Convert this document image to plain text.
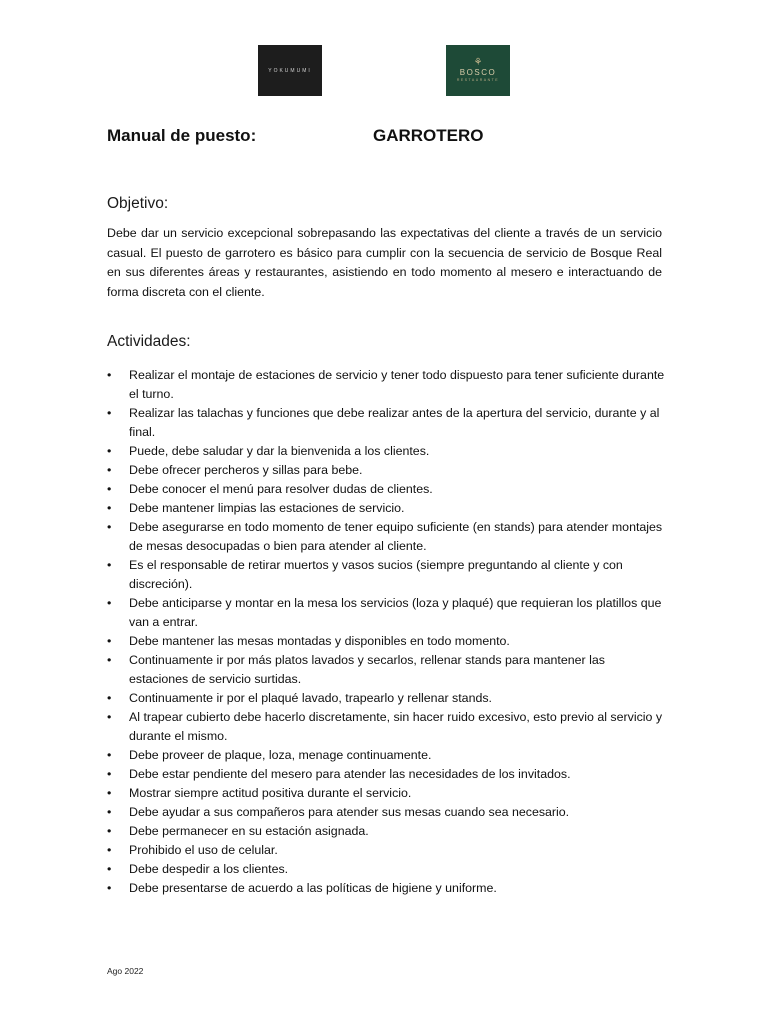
YOKUMUMI
⚘
BOSCO
RESTAURANTE
Manual de puesto:	GARROTERO
Objetivo:

Debe dar un servicio excepcional sobrepasando las expectativas del cliente a través de un servicio casual. El puesto de garrotero es básico para cumplir con la secuencia de servicio de Bosque Real en sus diferentes áreas y restaurantes, asistiendo en todo momento al mesero e interactuando de forma discreta con el cliente.

Actividades:
• Realizar el montaje de estaciones de servicio y tener todo dispuesto para tener suficiente durante el turno.
• Realizar las talachas y funciones que debe realizar antes de la apertura del servicio, durante y al final.
• Puede, debe saludar y dar la bienvenida a los clientes.
• Debe ofrecer percheros y sillas para bebe.
• Debe conocer el menú para resolver dudas de clientes.
• Debe mantener limpias las estaciones de servicio.
• Debe asegurarse en todo momento de tener equipo suficiente (en stands) para atender montajes de mesas desocupadas o bien para atender al cliente.
• Es el responsable de retirar muertos y vasos sucios (siempre preguntando al cliente y con discreción).
• Debe anticiparse y montar en la mesa los servicios (loza y plaqué) que requieran los platillos que van a entrar.
• Debe mantener las mesas montadas y disponibles en todo momento.
• Continuamente ir por más platos lavados y secarlos, rellenar stands para mantener las estaciones de servicio surtidas.
• Continuamente ir por el plaqué lavado, trapearlo y rellenar stands.
• Al trapear cubierto debe hacerlo discretamente, sin hacer ruido excesivo, esto previo al servicio y durante el mismo.
• Debe proveer de plaque, loza, menage continuamente.
• Debe estar pendiente del mesero para atender las necesidades de los invitados.
• Mostrar siempre actitud positiva durante el servicio.
• Debe ayudar a sus compañeros para atender sus mesas cuando sea necesario.
• Debe permanecer en su estación asignada.
• Prohibido el uso de celular.
• Debe despedir a los clientes.
• Debe presentarse de acuerdo a las políticas de higiene y uniforme.
Ago 2022
